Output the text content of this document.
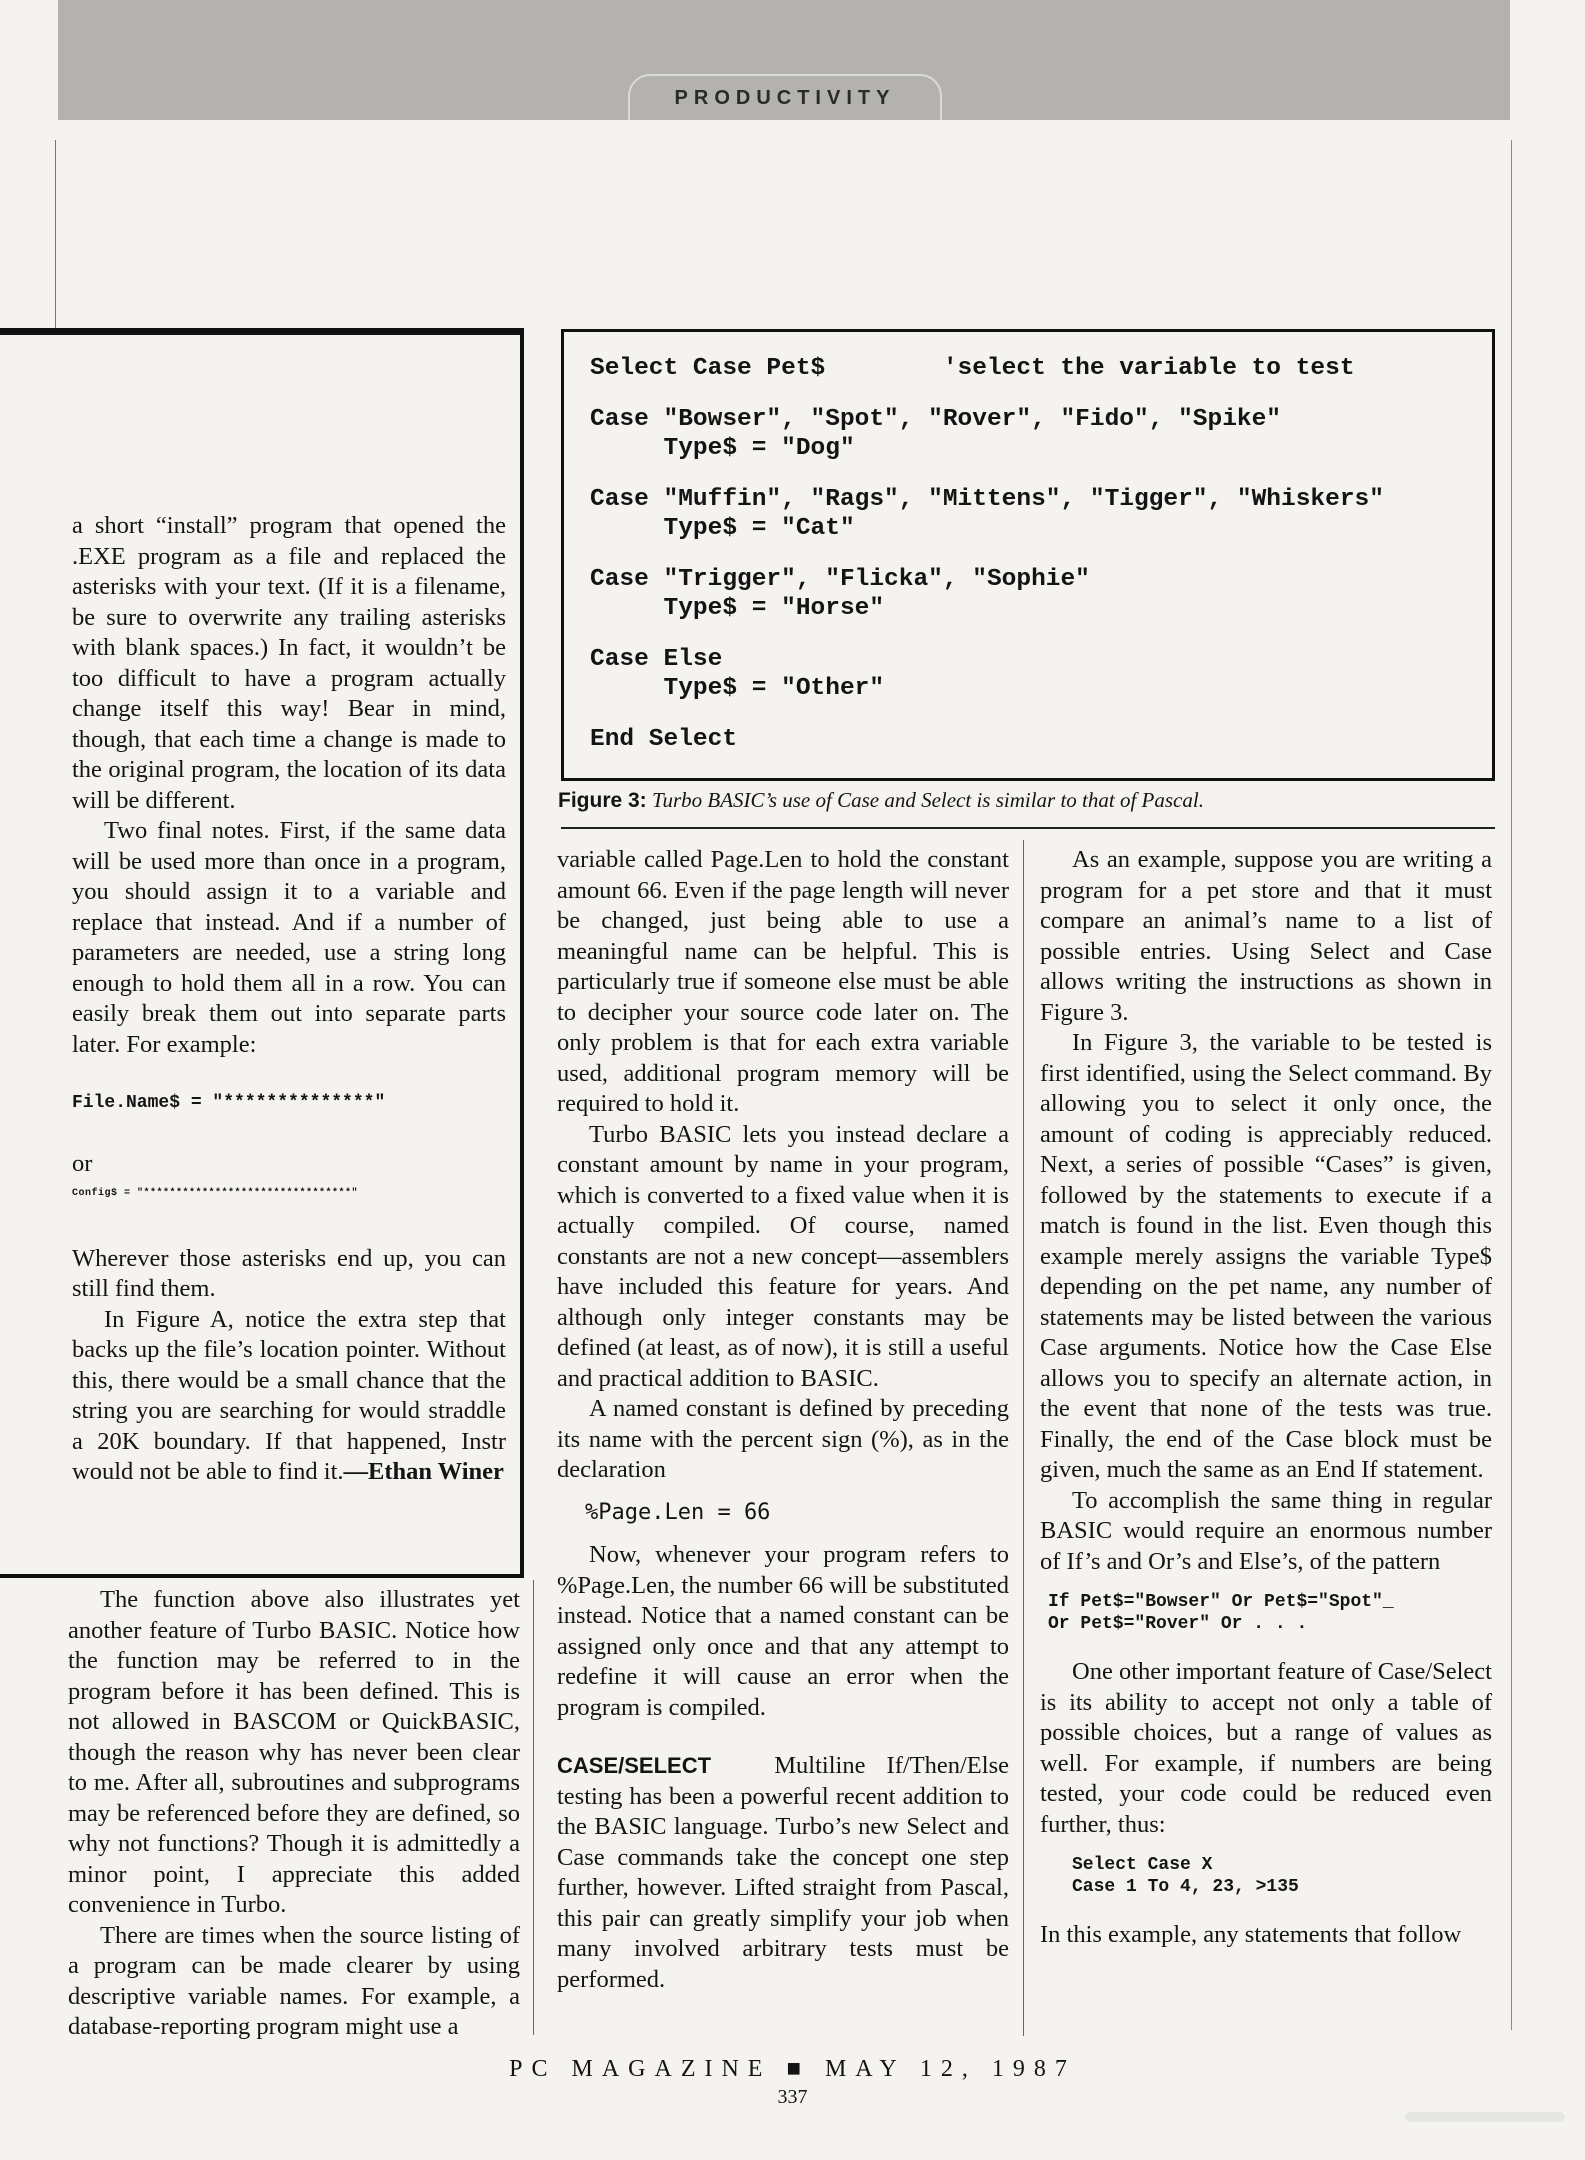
PRODUCTIVITY

a short “install” program that opened the .EXE program as a file and replaced the asterisks with your text. (If it is a filename, be sure to overwrite any trailing asterisks with blank spaces.) In fact, it wouldn’t be too difficult to have a program actually change itself this way! Bear in mind, though, that each time a change is made to the original program, the location of its data will be different.

Two final notes. First, if the same data will be used more than once in a program, you should assign it to a variable and replace that instead. And if a number of parameters are needed, use a string long enough to hold them all in a row. You can easily break them out into separate parts later. For example:

File.Name$ = "**************"

or

Config$ = "********************************"

Wherever those asterisks end up, you can still find them.

In Figure A, notice the extra step that backs up the file’s location pointer. Without this, there would be a small chance that the string you are searching for would straddle a 20K boundary. If that happened, Instr would not be able to find it.—Ethan Winer

Select Case Pet$        'select the variable to test
Case "Bowser", "Spot", "Rover", "Fido", "Spike"
Type$ = "Dog"
Case "Muffin", "Rags", "Mittens", "Tigger", "Whiskers"
Type$ = "Cat"
Case "Trigger", "Flicka", "Sophie"
Type$ = "Horse"
Case Else
Type$ = "Other"
End Select
Figure 3: Turbo BASIC’s use of Case and Select is similar to that of Pascal.

The function above also illustrates yet another feature of Turbo BASIC. Notice how the function may be referred to in the program before it has been defined. This is not allowed in BASCOM or QuickBASIC, though the reason why has never been clear to me. After all, subroutines and subprograms may be referenced before they are defined, so why not functions? Though it is admittedly a minor point, I appreciate this added convenience in Turbo.

There are times when the source listing of a program can be made clearer by using descriptive variable names. For example, a database-reporting program might use a

variable called Page.Len to hold the constant amount 66. Even if the page length will never be changed, just being able to use a meaningful name can be helpful. This is particularly true if someone else must be able to decipher your source code later on. The only problem is that for each extra variable used, additional program memory will be required to hold it.

Turbo BASIC lets you instead declare a constant amount by name in your program, which is converted to a fixed value when it is actually compiled. Of course, named constants are not a new concept—assemblers have included this feature for years. And although only integer constants may be defined (at least, as of now), it is still a useful and practical addition to BASIC.

A named constant is defined by preceding its name with the percent sign (%), as in the declaration

%Page.Len = 66

Now, whenever your program refers to %Page.Len, the number 66 will be substituted instead. Notice that a named constant can be assigned only once and that any attempt to redefine it will cause an error when the program is compiled.

CASE/SELECT	Multiline If/Then/Else testing has been a powerful recent addition to the BASIC language. Turbo’s new Select and Case commands take the concept one step further, however. Lifted straight from Pascal, this pair can greatly simplify your job when many involved arbitrary tests must be performed.

As an example, suppose you are writing a program for a pet store and that it must compare an animal’s name to a list of possible entries. Using Select and Case allows writing the instructions as shown in Figure 3.

In Figure 3, the variable to be tested is first identified, using the Select command. By allowing you to select it only once, the amount of coding is appreciably reduced. Next, a series of possible “Cases” is given, followed by the statements to execute if a match is found in the list. Even though this example merely assigns the variable Type$ depending on the pet name, any number of statements may be listed between the various Case arguments. Notice how the Case Else allows you to specify an alternate action, in the event that none of the tests was true. Finally, the end of the Case block must be given, much the same as an End If statement.

To accomplish the same thing in regular BASIC would require an enormous number of If’s and Or’s and Else’s, of the pattern

If Pet$="Bowser" Or Pet$="Spot"_
Or Pet$="Rover" Or . . .

One other important feature of Case/Select is its ability to accept not only a table of possible choices, but a range of values as well. For example, if numbers are being tested, your code could be reduced even further, thus:

Select Case X
Case 1 To 4, 23, >135

In this example, any statements that follow

PC MAGAZINE ■ MAY 12, 1987
337
